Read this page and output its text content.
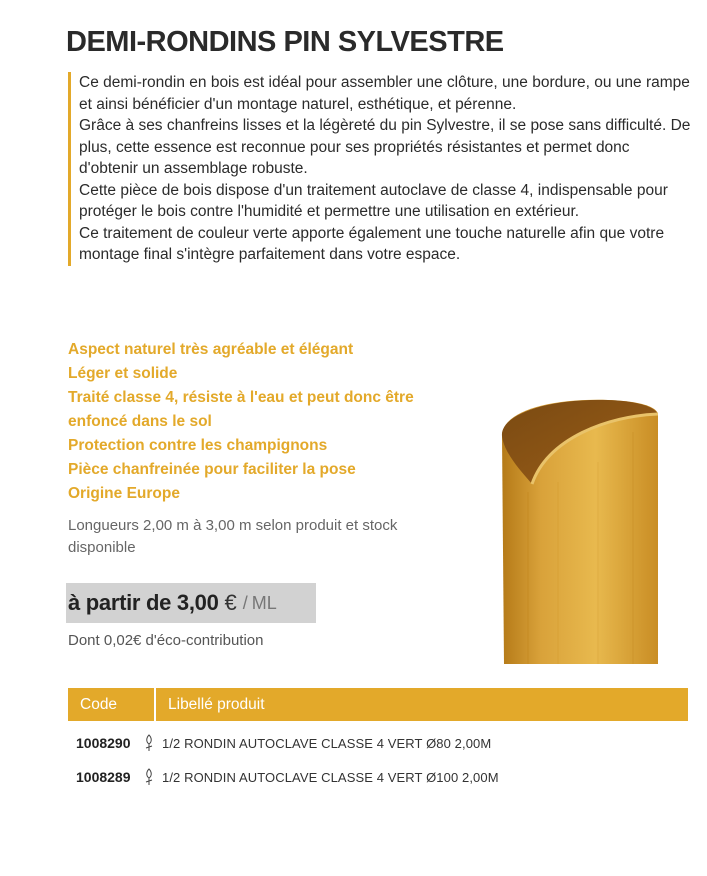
DEMI-RONDINS PIN SYLVESTRE

Ce demi-rondin en bois est idéal pour assembler une clôture, une bordure, ou une rampe et ainsi bénéficier d'un montage naturel, esthétique, et pérenne.

Grâce à ses chanfreins lisses et la légèreté du pin Sylvestre, il se pose sans difficulté. De plus, cette essence est reconnue pour ses propriétés résistantes et permet donc d'obtenir un assemblage robuste.

Cette pièce de bois dispose d'un traitement autoclave de classe 4, indispensable pour protéger le bois contre l'humidité et permettre une utilisation en extérieur.

Ce traitement de couleur verte apporte également une touche naturelle afin que votre montage final s'intègre parfaitement dans votre espace.

Aspect naturel très agréable et élégant
Léger et solide
Traité classe 4, résiste à l'eau et peut donc être
enfoncé dans le sol
Protection contre les champignons
Pièce chanfreinée pour faciliter la pose
Origine Europe
Longueurs 2,00 m à 3,00 m selon produit et stock disponible
à partir de 3,00 € / ML
Dont 0,02€ d'éco-contribution
Code	Libellé produit
1008290	1/2 RONDIN AUTOCLAVE CLASSE 4 VERT Ø80 2,00M
1008289	1/2 RONDIN AUTOCLAVE CLASSE 4 VERT Ø100 2,00M
